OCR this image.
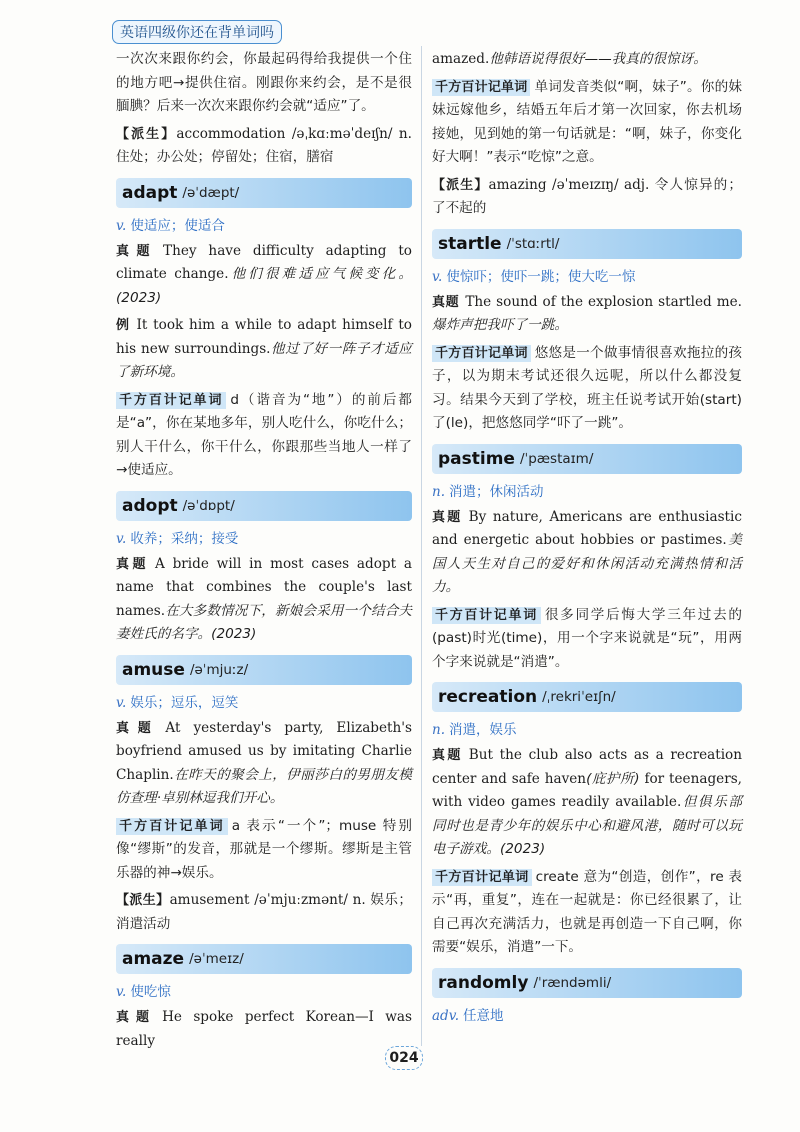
英语四级你还在背单词吗

一次次来跟你约会，你最起码得给我提供一个住的地方吧→提供住宿。刚跟你来约会，是不是很腼腆？后来一次次来跟你约会就“适应”了。

【派生】accommodation /əˌkɑːməˈdeɪʃn/ n. 住处；办公处；停留处；住宿，膳宿

adapt /əˈdæpt/
v. 使适应；使适合

真题 They have difficulty adapting to climate change.他们很难适应气候变化。(2023)

例 It took him a while to adapt himself to his new surroundings.他过了好一阵子才适应了新环境。

千方百计记单词 d（谐音为“地”）的前后都是“a”，你在某地多年，别人吃什么，你吃什么；别人干什么，你干什么，你跟那些当地人一样了→使适应。

adopt /əˈdɒpt/
v. 收养；采纳；接受

真题 A bride will in most cases adopt a name that combines the couple's last names.在大多数情况下，新娘会采用一个结合夫妻姓氏的名字。(2023)

amuse /əˈmjuːz/
v. 娱乐；逗乐，逗笑

真题 At yesterday's party, Elizabeth's boyfriend amused us by imitating Charlie Chaplin.在昨天的聚会上，伊丽莎白的男朋友模仿查理·卓别林逗我们开心。

千方百计记单词 a 表示“一个”；muse 特别像“缪斯”的发音，那就是一个缪斯。缪斯是主管乐器的神→娱乐。

【派生】amusement /əˈmjuːzmənt/ n. 娱乐；消遣活动

amaze /əˈmeɪz/
v. 使吃惊

真题 He spoke perfect Korean—I was really

amazed.他韩语说得很好——我真的很惊讶。

千方百计记单词 单词发音类似“啊，妹子”。你的妹妹远嫁他乡，结婚五年后才第一次回家，你去机场接她，见到她的第一句话就是：“啊，妹子，你变化好大啊！”表示“吃惊”之意。

【派生】amazing /əˈmeɪzɪŋ/ adj. 令人惊异的；了不起的

startle /ˈstɑːrtl/
v. 使惊吓；使吓一跳；使大吃一惊

真题 The sound of the explosion startled me.爆炸声把我吓了一跳。

千方百计记单词 悠悠是一个做事情很喜欢拖拉的孩子，以为期末考试还很久远呢，所以什么都没复习。结果今天到了学校，班主任说考试开始(start)了(le)，把悠悠同学“吓了一跳”。

pastime /ˈpæstaɪm/
n. 消遣；休闲活动

真题 By nature, Americans are enthusiastic and energetic about hobbies or pastimes.美国人天生对自己的爱好和休闲活动充满热情和活力。

千方百计记单词 很多同学后悔大学三年过去的(past)时光(time)，用一个字来说就是“玩”，用两个字来说就是“消遣”。

recreation /ˌrekriˈeɪʃn/
n. 消遣，娱乐

真题 But the club also acts as a recreation center and safe haven(庇护所) for teenagers, with video games readily available.但俱乐部同时也是青少年的娱乐中心和避风港，随时可以玩电子游戏。(2023)

千方百计记单词 create 意为“创造，创作”，re 表示“再，重复”，连在一起就是：你已经很累了，让自己再次充满活力，也就是再创造一下自己啊，你需要“娱乐，消遣”一下。

randomly /ˈrændəmli/
adv. 任意地
024
